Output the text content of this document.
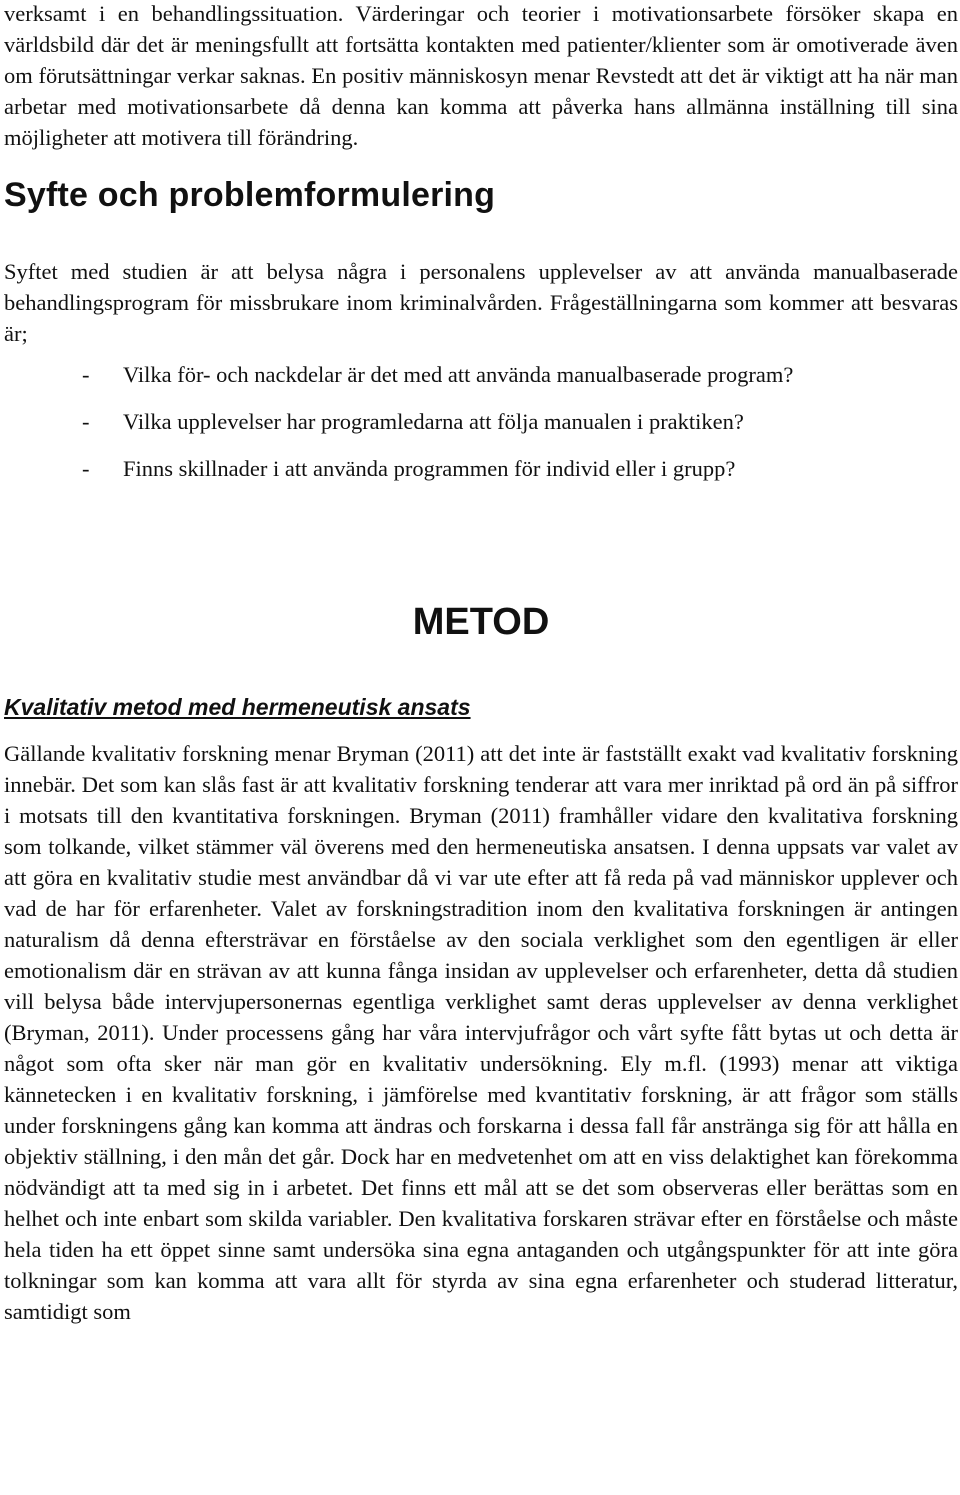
verksamt i en behandlingssituation. Värderingar och teorier i motivationsarbete försöker skapa en världsbild där det är meningsfullt att fortsätta kontakten med patienter/klienter som är omotiverade även om förutsättningar verkar saknas. En positiv människosyn menar Revstedt att det är viktigt att ha när man arbetar med motivationsarbete då denna kan komma att påverka hans allmänna inställning till sina möjligheter att motivera till förändring.

Syfte och problemformulering

Syftet med studien är att belysa några i personalens upplevelser av att använda manualbaserade behandlingsprogram för missbrukare inom kriminalvården. Frågeställningarna som kommer att besvaras är;

- Vilka för- och nackdelar är det med att använda manualbaserade program?
- Vilka upplevelser har programledarna att följa manualen i praktiken?
- Finns skillnader i att använda programmen för individ eller i grupp?
METOD
Kvalitativ metod med hermeneutisk ansats

Gällande kvalitativ forskning menar Bryman (2011) att det inte är fastställt exakt vad kvalitativ forskning innebär. Det som kan slås fast är att kvalitativ forskning tenderar att vara mer inriktad på ord än på siffror i motsats till den kvantitativa forskningen. Bryman (2011) framhåller vidare den kvalitativa forskning som tolkande, vilket stämmer väl överens med den hermeneutiska ansatsen. I denna uppsats var valet av att göra en kvalitativ studie mest användbar då vi var ute efter att få reda på vad människor upplever och vad de har för erfarenheter. Valet av forskningstradition inom den kvalitativa forskningen är antingen naturalism då denna eftersträvar en förståelse av den sociala verklighet som den egentligen är eller emotionalism där en strävan av att kunna fånga insidan av upplevelser och erfarenheter, detta då studien vill belysa både intervjupersonernas egentliga verklighet samt deras upplevelser av denna verklighet (Bryman, 2011). Under processens gång har våra intervjufrågor och vårt syfte fått bytas ut och detta är något som ofta sker när man gör en kvalitativ undersökning. Ely m.fl. (1993) menar att viktiga kännetecken i en kvalitativ forskning, i jämförelse med kvantitativ forskning, är att frågor som ställs under forskningens gång kan komma att ändras och forskarna i dessa fall får anstränga sig för att hålla en objektiv ställning, i den mån det går. Dock har en medvetenhet om att en viss delaktighet kan förekomma nödvändigt att ta med sig in i arbetet. Det finns ett mål att se det som observeras eller berättas som en helhet och inte enbart som skilda variabler. Den kvalitativa forskaren strävar efter en förståelse och måste hela tiden ha ett öppet sinne samt undersöka sina egna antaganden och utgångspunkter för att inte göra tolkningar som kan komma att vara allt för styrda av sina egna erfarenheter och studerad litteratur, samtidigt som
